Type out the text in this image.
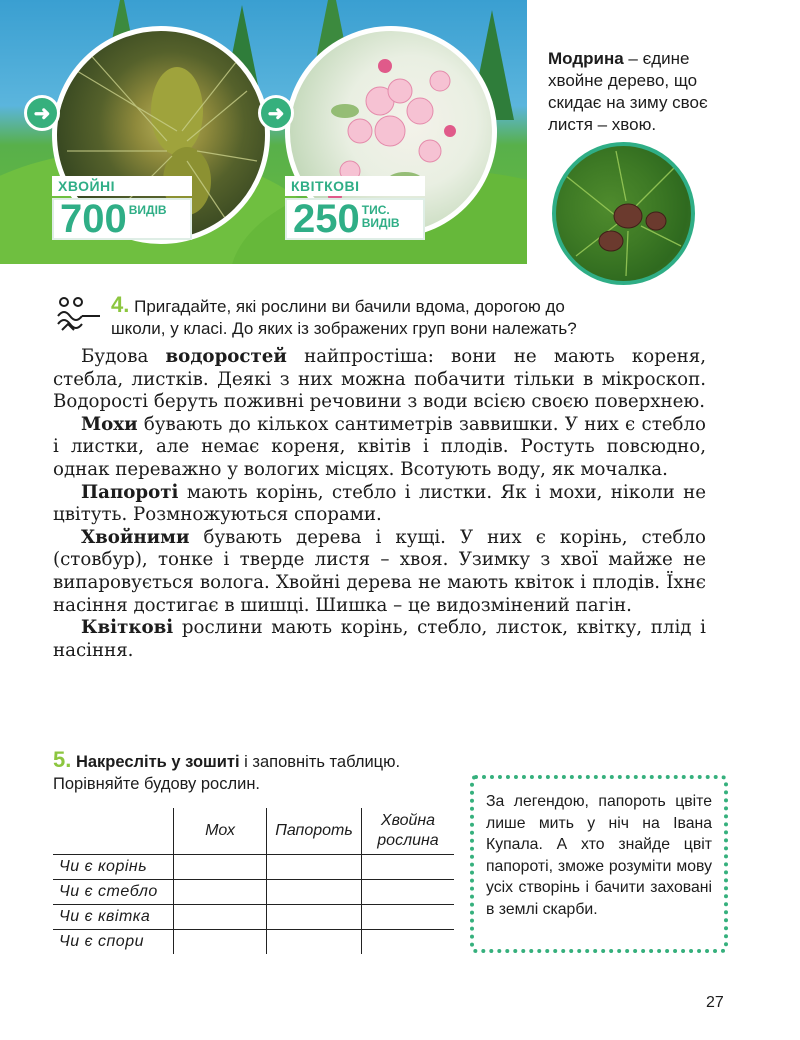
➜
ХВОЙНІ
700 ВИДІВ
➜
КВІТКОВІ
250 ТИС.
ВИДІВ
Модрина – єдине хвойне дерево, що скидає на зиму своє листя – хвою.
4. Пригадайте, які рослини ви бачили вдома, дорогою до
школи, у класі. До яких із зображених груп вони належать?

Будова водоростей найпростіша: вони не мають кореня, стебла, листків. Деякі з них можна побачити тільки в мікроскоп. Водорості беруть поживні речовини з води всією своєю поверхнею.

Мохи бувають до кількох сантиметрів заввишки. У них є стебло і листки, але немає кореня, квітів і плодів. Ростуть повсюдно, однак переважно у вологих місцях. Всотують воду, як мочалка.

Папороті мають корінь, стебло і листки. Як і мохи, ніколи не цвітуть. Розмножуються спорами.

Хвойними бувають дерева і кущі. У них є корінь, стебло (стовбур), тонке і тверде листя – хвоя. Узимку з хвої майже не випаровується волога. Хвойні дерева не мають квіток і плодів. Їхнє насіння достигає в шишці. Шишка – це видозмінений пагін.

Квіткові рослини мають корінь, стебло, листок, квітку, плід і насіння.

5. Накресліть у зошиті і заповніть таблицю.
Порівняйте будову рослин.
	Мох	Папороть	Хвойна рослина
Чи є корінь			
Чи є стебло			
Чи є квітка			
Чи є спори			
За легендою, папороть цвіте лише мить у ніч на Івана Купала. А хто знайде цвіт папороті, зможе розуміти мову усіх створінь і бачити заховані в землі скарби.
27
